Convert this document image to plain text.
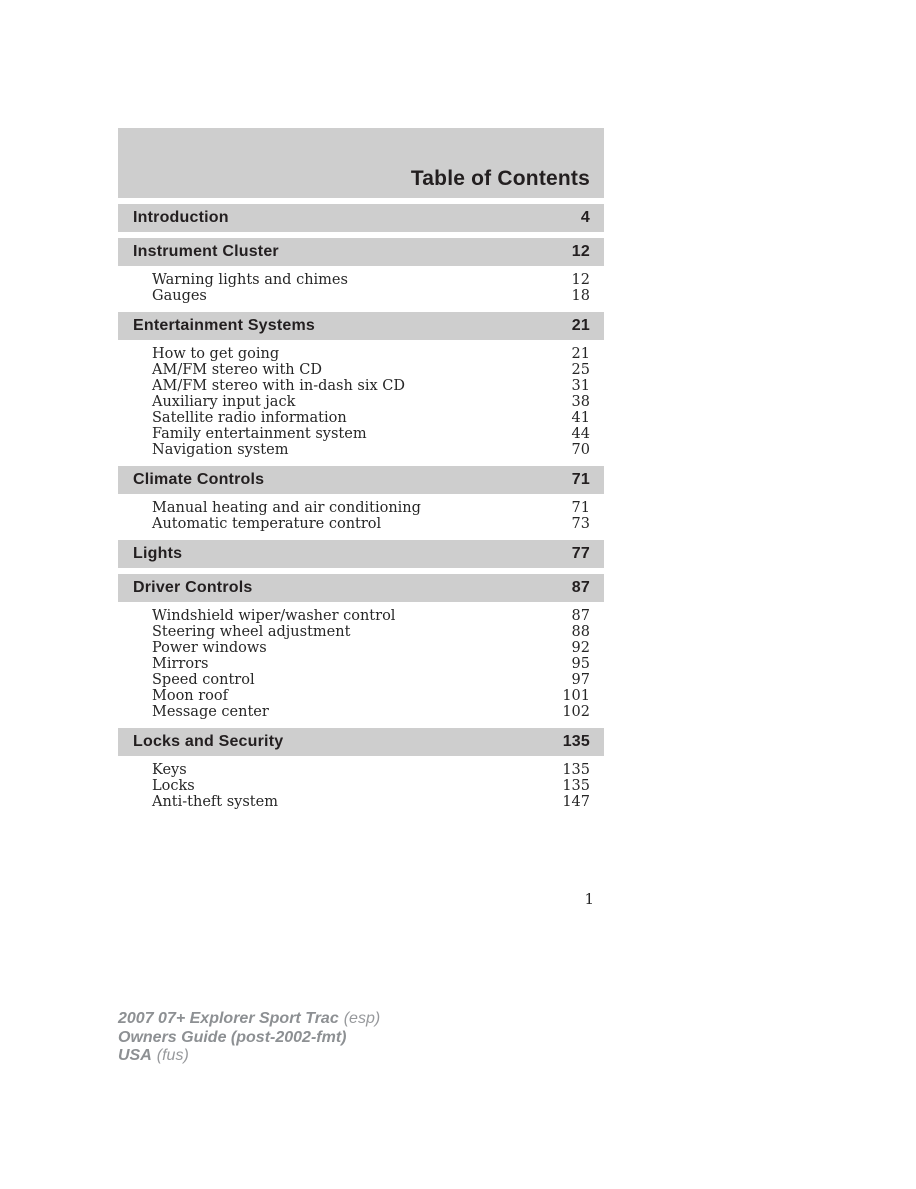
Table of Contents
Introduction	4
Instrument Cluster	12
Warning lights and chimes	12
Gauges	18
Entertainment Systems	21
How to get going	21
AM/FM stereo with CD	25
AM/FM stereo with in-dash six CD	31
Auxiliary input jack	38
Satellite radio information	41
Family entertainment system	44
Navigation system	70
Climate Controls	71
Manual heating and air conditioning	71
Automatic temperature control	73
Lights	77
Driver Controls	87
Windshield wiper/washer control	87
Steering wheel adjustment	88
Power windows	92
Mirrors	95
Speed control	97
Moon roof	101
Message center	102
Locks and Security	135
Keys	135
Locks	135
Anti-theft system	147
1
2007 07+ Explorer Sport Trac (esp)
Owners Guide (post-2002-fmt)
USA (fus)
